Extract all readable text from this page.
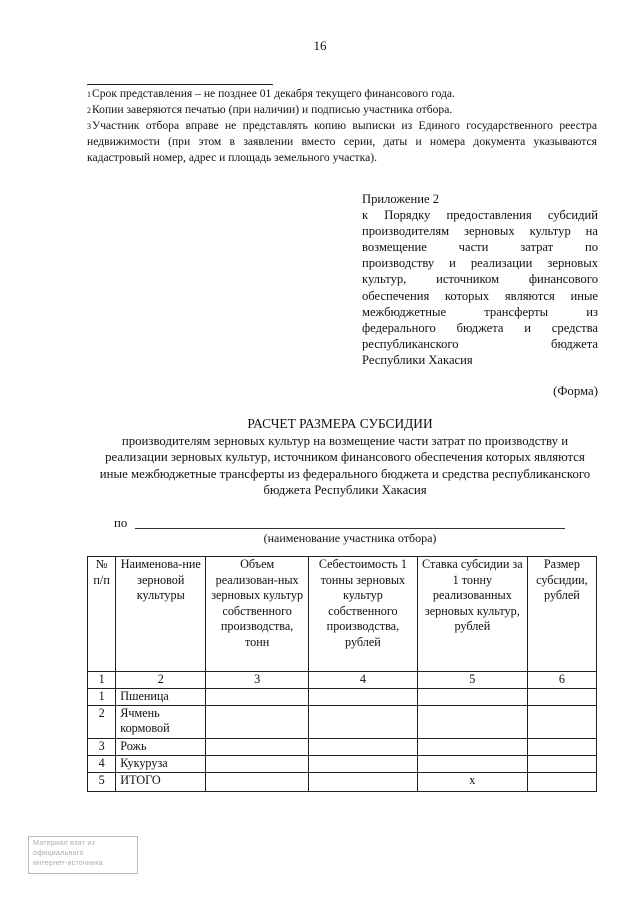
16
$^1$Срок представления – не позднее 01 декабря текущего финансового года.
$^2$Копии заверяются печатью (при наличии) и подписью участника отбора.
$^3$Участник отбора вправе не представлять копию выписки из Единого государственного реестра недвижимости (при этом в заявлении вместо серии, даты и номера документа указываются кадастровый номер, адрес и площадь земельного участка).
Приложение 2
к Порядку предоставления субсидий
производителям зерновых культур на
возмещение части затрат по
производству и реализации зерновых
культур, источником финансового
обеспечения которых являются иные
межбюджетные трансферты из
федерального бюджета и средства
республиканского бюджета
Республики Хакасия
(Форма)
РАСЧЕТ РАЗМЕРА СУБСИДИИ
производителям зерновых культур на возмещение части затрат по производству и реализации зерновых культур, источником финансового обеспечения которых являются иные межбюджетные трансферты из федерального бюджета и средства республиканского бюджета Республики Хакасия
по
(наименование участника отбора)
№ п/п	Наименова-ние зерновой культуры	Объем реализован-ных зерновых культур собственного производства, тонн	Себестоимость 1 тонны зерновых культур собственного производства, рублей	Ставка субсидии за 1 тонну реализованных зерновых культур, рублей	Размер субсидии, рублей
1	2	3	4	5	6
1	Пшеница				
2	Ячмень кормовой				
3	Рожь				
4	Кукуруза				
5	ИТОГО			x	
Материал взят из официального
интернет-источника
